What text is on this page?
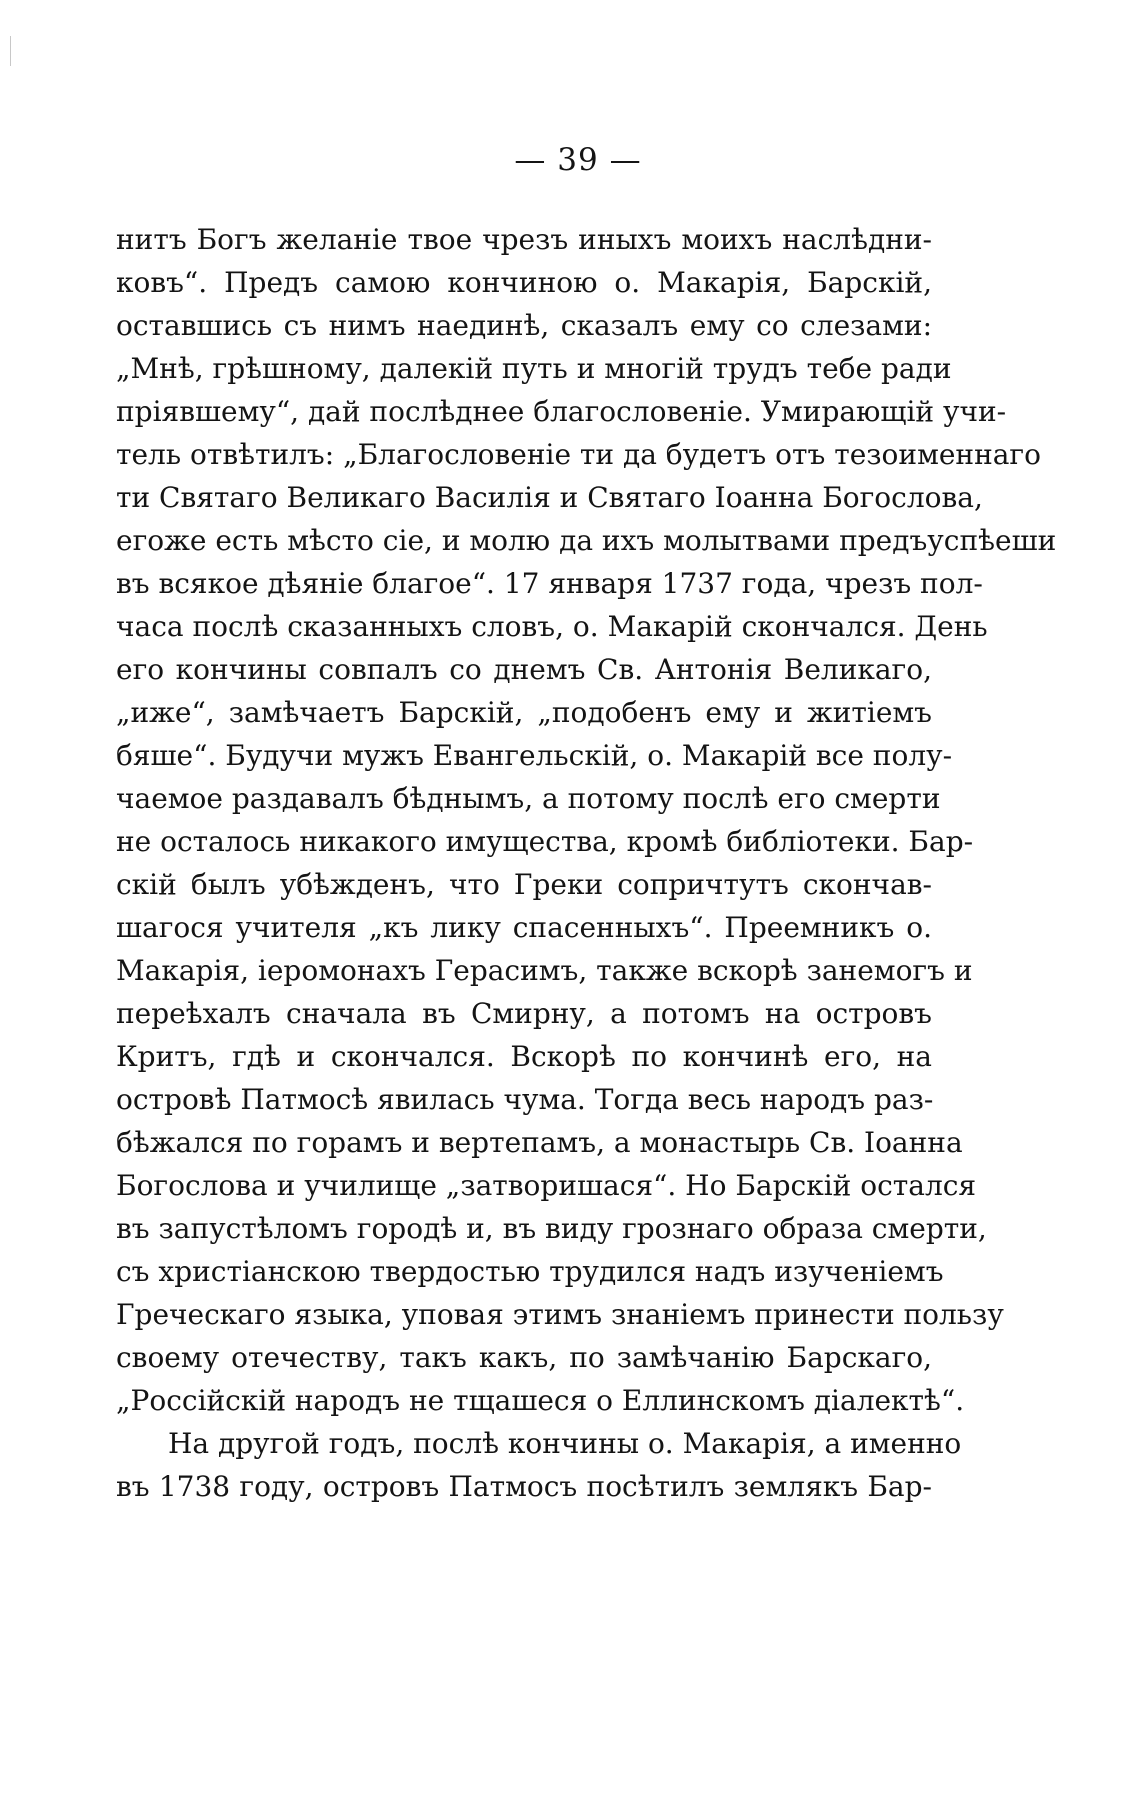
— 39 —
нитъ Богъ желаніе твое чрезъ иныхъ моихъ наслѣдни-
ковъ“. Предъ самою кончиною о. Макарія, Барскій,
оставшись съ нимъ наединѣ, сказалъ ему со слезами:
„Мнѣ, грѣшному, далекій путь и многій трудъ тебе ради
пріявшему“, дай послѣднее благословеніе. Умирающій учи-
тель отвѣтилъ: „Благословеніе ти да будетъ отъ тезоименнаго
ти Святаго Великаго Василія и Святаго Іоанна Богослова,
егоже есть мѣсто сіе, и молю да ихъ молытвами предъуспѣеши
въ всякое дѣяніе благое“. 17 января 1737 года, чрезъ пол-
часа послѣ сказанныхъ словъ, о. Макарій скончался. День
его кончины совпалъ со днемъ Св. Антонія Великаго,
„иже“, замѣчаетъ Барскій, „подобенъ ему и житіемъ
бяше“. Будучи мужъ Евангельскій, о. Макарій все полу-
чаемое раздавалъ бѣднымъ, а потому послѣ его смерти
не осталось никакого имущества, кромѣ библіотеки. Бар-
скій былъ убѣжденъ, что Греки сопричтутъ скончав-
шагося учителя „къ лику спасенныхъ“. Преемникъ о.
Макарія, іеромонахъ Герасимъ, также вскорѣ занемогъ и
переѣхалъ сначала въ Смирну, а потомъ на островъ
Критъ, гдѣ и скончался. Вскорѣ по кончинѣ его, на
островѣ Патмосѣ явилась чума. Тогда весь народъ раз-
бѣжался по горамъ и вертепамъ, а монастырь Св. Іоанна
Богослова и училище „затворишася“. Но Барскій остался
въ запустѣломъ городѣ и, въ виду грознаго образа смерти,
съ христіанскою твердостью трудился надъ изученіемъ
Греческаго языка, уповая этимъ знаніемъ принести пользу
своему отечеству, такъ какъ, по замѣчанію Барскаго,
„Россійскій народъ не тщашеся о Еллинскомъ діалектѣ“.
На другой годъ, послѣ кончины о. Макарія, а именно
въ 1738 году, островъ Патмосъ посѣтилъ землякъ Бар-
